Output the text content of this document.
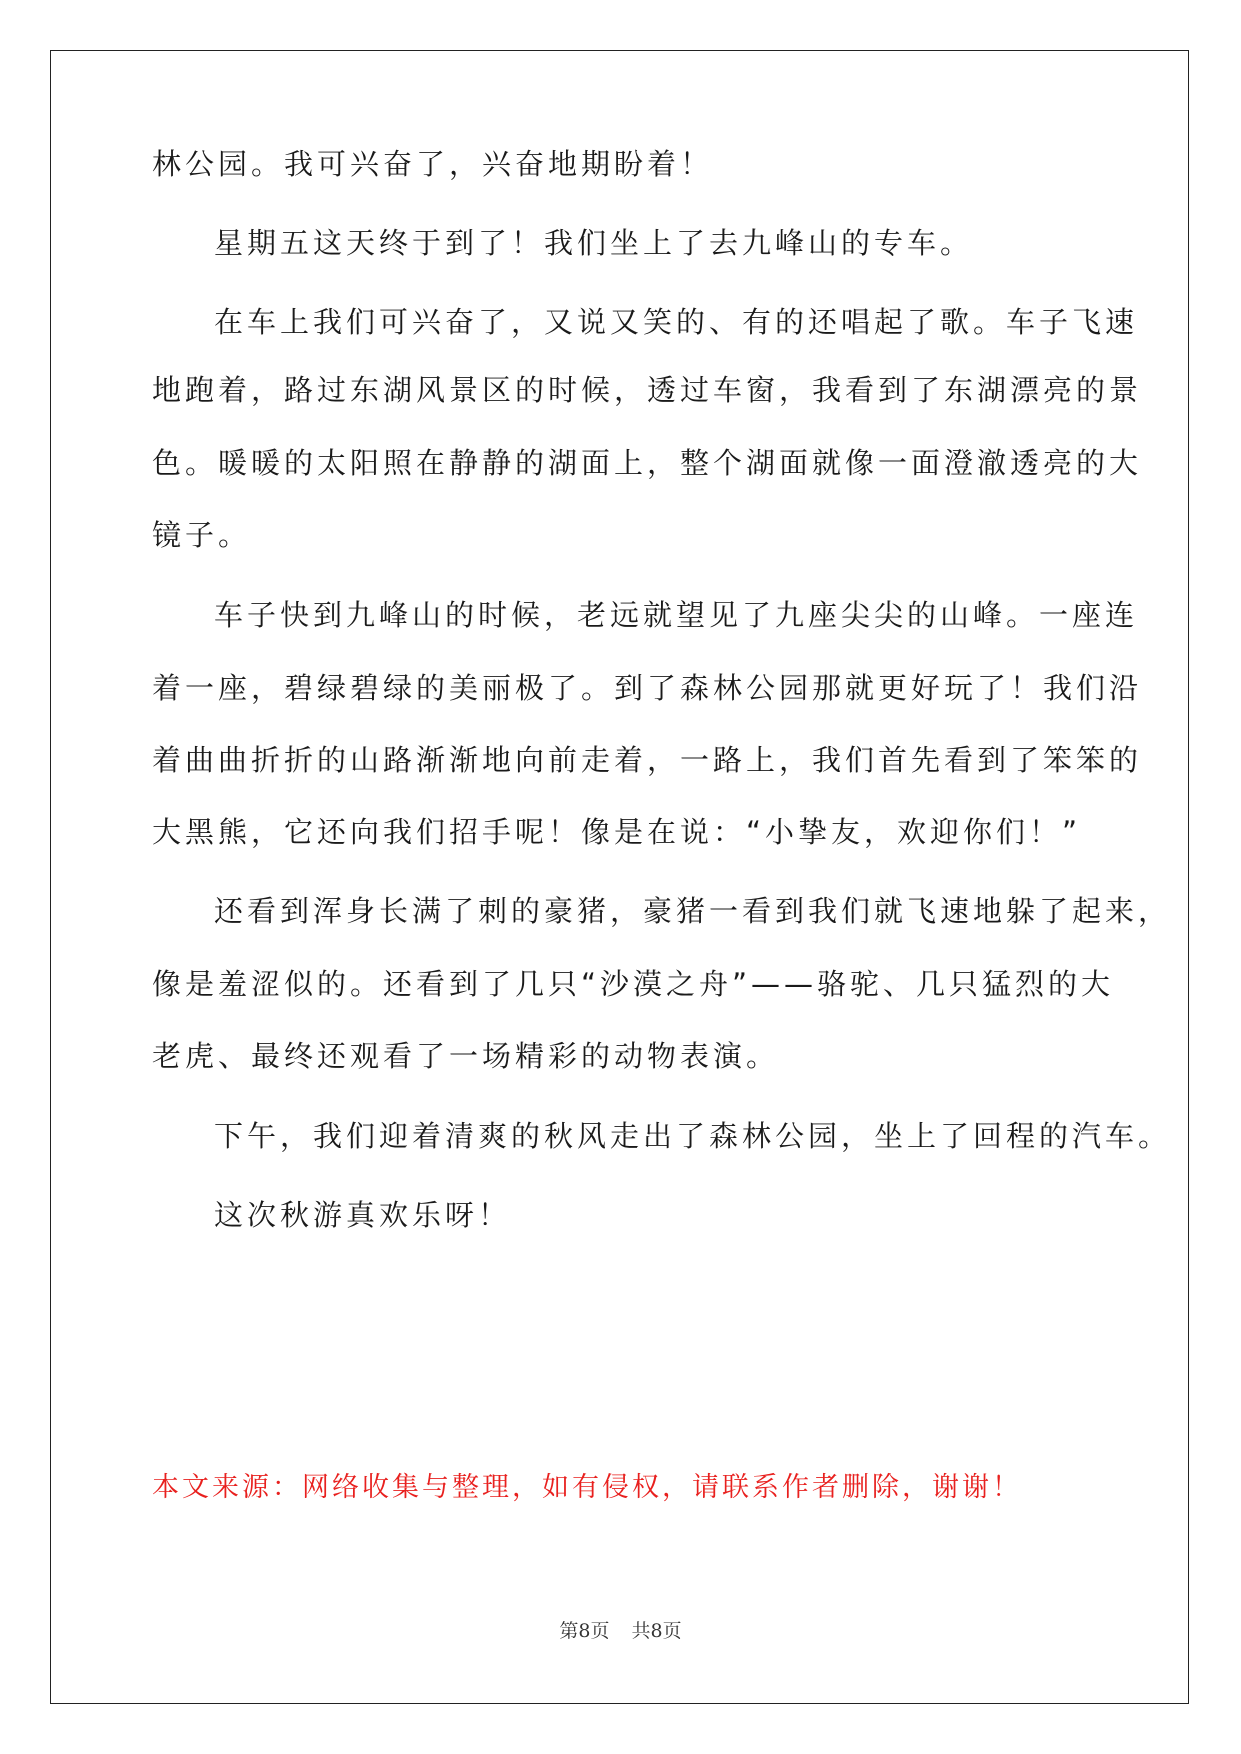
林公园。我可兴奋了，兴奋地期盼着！
星期五这天终于到了！我们坐上了去九峰山的专车。
在车上我们可兴奋了，又说又笑的、有的还唱起了歌。车子飞速
地跑着，路过东湖风景区的时候，透过车窗，我看到了东湖漂亮的景
色。暖暖的太阳照在静静的湖面上，整个湖面就像一面澄澈透亮的大
镜子。
车子快到九峰山的时候，老远就望见了九座尖尖的山峰。一座连
着一座，碧绿碧绿的美丽极了。到了森林公园那就更好玩了！我们沿
着曲曲折折的山路渐渐地向前走着，一路上，我们首先看到了笨笨的
大黑熊，它还向我们招手呢！像是在说：“小挚友，欢迎你们！”
还看到浑身长满了刺的豪猪，豪猪一看到我们就飞速地躲了起来，
像是羞涩似的。还看到了几只“沙漠之舟”——骆驼、几只猛烈的大
老虎、最终还观看了一场精彩的动物表演。
下午，我们迎着清爽的秋风走出了森林公园，坐上了回程的汽车。
这次秋游真欢乐呀！
本文来源：网络收集与整理，如有侵权，请联系作者删除，谢谢！
第8页 共8页
